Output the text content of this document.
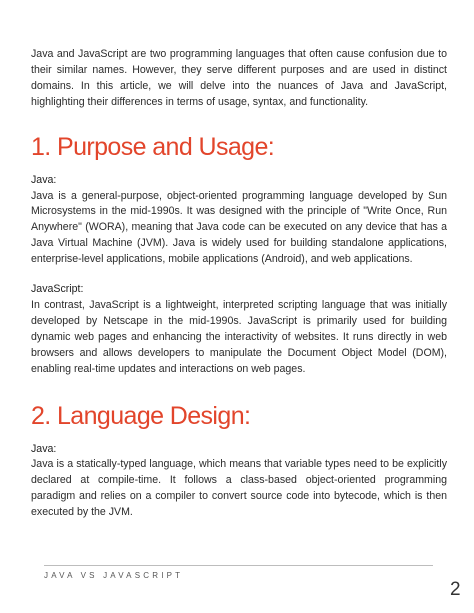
Java and JavaScript are two programming languages that often cause confusion due to their similar names. However, they serve different purposes and are used in distinct domains. In this article, we will delve into the nuances of Java and JavaScript, highlighting their differences in terms of usage, syntax, and functionality.

1. Purpose and Usage:

Java:

Java is a general-purpose, object-oriented programming language developed by Sun Microsystems in the mid-1990s. It was designed with the principle of "Write Once, Run Anywhere" (WORA), meaning that Java code can be executed on any device that has a Java Virtual Machine (JVM). Java is widely used for building standalone applications, enterprise-level applications, mobile applications (Android), and web applications.

JavaScript:

In contrast, JavaScript is a lightweight, interpreted scripting language that was initially developed by Netscape in the mid-1990s. JavaScript is primarily used for building dynamic web pages and enhancing the interactivity of websites. It runs directly in web browsers and allows developers to manipulate the Document Object Model (DOM), enabling real-time updates and interactions on web pages.

2. Language Design:

Java:

Java is a statically-typed language, which means that variable types need to be explicitly declared at compile-time. It follows a class-based object-oriented programming paradigm and relies on a compiler to convert source code into bytecode, which is then executed by the JVM.

JAVA VS JAVASCRIPT
2
